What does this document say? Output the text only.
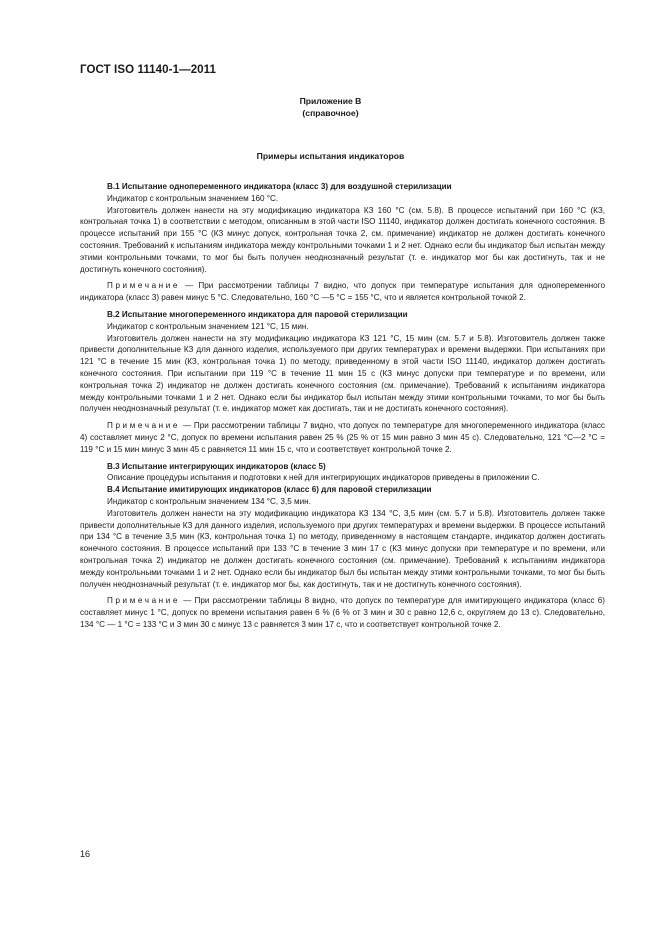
ГОСТ ISO 11140-1—2011
Приложение В
(справочное)
Примеры испытания индикаторов

В.1 Испытание однопеременного индикатора (класс 3) для воздушной стерилизации

Индикатор с контрольным значением 160 °С.

Изготовитель должен нанести на эту модификацию индикатора КЗ 160 °С (см. 5.8). В процессе испытаний при 160 °С (КЗ, контрольная точка 1) в соответствии с методом, описанным в этой части ISO 11140, индикатор должен достигать конечного состояния. В процессе испытаний при 155 °С (КЗ минус допуск, контрольная точка 2, см. примечание) индикатор не должен достигать конечного состояния. Требований к испытаниям индикатора между контрольными точками 1 и 2 нет. Однако если бы индикатор был испытан между этими контрольными точками, то мог бы быть получен неоднозначный результат (т. е. индикатор мог бы как достигнуть, так и не достигнуть конечного состояния).

Примечание — При рассмотрении таблицы 7 видно, что допуск при температуре испытания для однопеременного индикатора (класс 3) равен минус 5 °С. Следовательно, 160 °С —5 °С = 155 °С, что и является контрольной точкой 2.

В.2 Испытание многопеременного индикатора для паровой стерилизации

Индикатор с контрольным значением 121 °С, 15 мин.

Изготовитель должен нанести на эту модификацию индикатора КЗ 121 °С, 15 мин (см. 5.7 и 5.8). Изготовитель должен также привести дополнительные КЗ для данного изделия, используемого при других температурах и времени выдержки. При испытаниях при 121 °С в течение 15 мин (КЗ, контрольная точка 1) по методу, приведенному в этой части ISO 11140, индикатор должен достигать конечного состояния. При испытании при 119 °С в течение 11 мин 15 с (КЗ минус допуски при температуре и по времени, или контрольная точка 2) индикатор не должен достигать конечного состояния (см. примечание). Требований к испытаниям индикатора между контрольными точками 1 и 2 нет. Однако если бы индикатор был испытан между этими контрольными точками, то мог бы быть получен неоднозначный результат (т. е. индикатор может как достигать, так и не достигать конечного состояния).

Примечание — При рассмотрении таблицы 7 видно, что допуск по температуре для многопеременного индикатора (класс 4) составляет минус 2 °С, допуск по времени испытания равен 25 % (25 % от 15 мин равно 3 мин 45 с). Следовательно, 121 °С—2 °С = 119 °С и 15 мин минус 3 мин 45 с равняется 11 мин 15 с, что и соответствует контрольной точке 2.

В.3 Испытание интегрирующих индикаторов (класс 5)

Описание процедуры испытания и подготовки к ней для интегрирующих индикаторов приведены в приложении С.

В.4 Испытание имитирующих индикаторов (класс 6) для паровой стерилизации

Индикатор с контрольным значением 134 °С, 3,5 мин.

Изготовитель должен нанести на эту модификацию индикатора КЗ 134 °С, 3,5 мин (см. 5.7 и 5.8). Изготовитель должен также привести дополнительные КЗ для данного изделия, используемого при других температурах и времени выдержки. В процессе испытаний при 134 °С в течение 3,5 мин (КЗ, контрольная точка 1) по методу, приведенному в настоящем стандарте, индикатор должен достигать конечного состояния. В процессе испытаний при 133 °С в течение 3 мин 17 с (КЗ минус допуски при температуре и по времени, или контрольная точка 2) индикатор не должен достигать конечного состояния (см. примечание). Требований к испытаниям индикатора между контрольными точками 1 и 2 нет. Однако если бы индикатор был бы испытан между этими контрольными точками, то мог бы быть получен неоднозначный результат (т. е. индикатор мог бы, как достигнуть, так и не достигнуть конечного состояния).

Примечание — При рассмотрении таблицы 8 видно, что допуск по температуре для имитирующего индикатора (класс 6) составляет минус 1 °С, допуск по времени испытания равен 6 % (6 % от 3 мин и 30 с равно 12,6 с, округляем до 13 с). Следовательно, 134 °С — 1 °С = 133 °С и 3 мин 30 с минус 13 с равняется 3 мин 17 с, что и соответствует контрольной точке 2.

16
